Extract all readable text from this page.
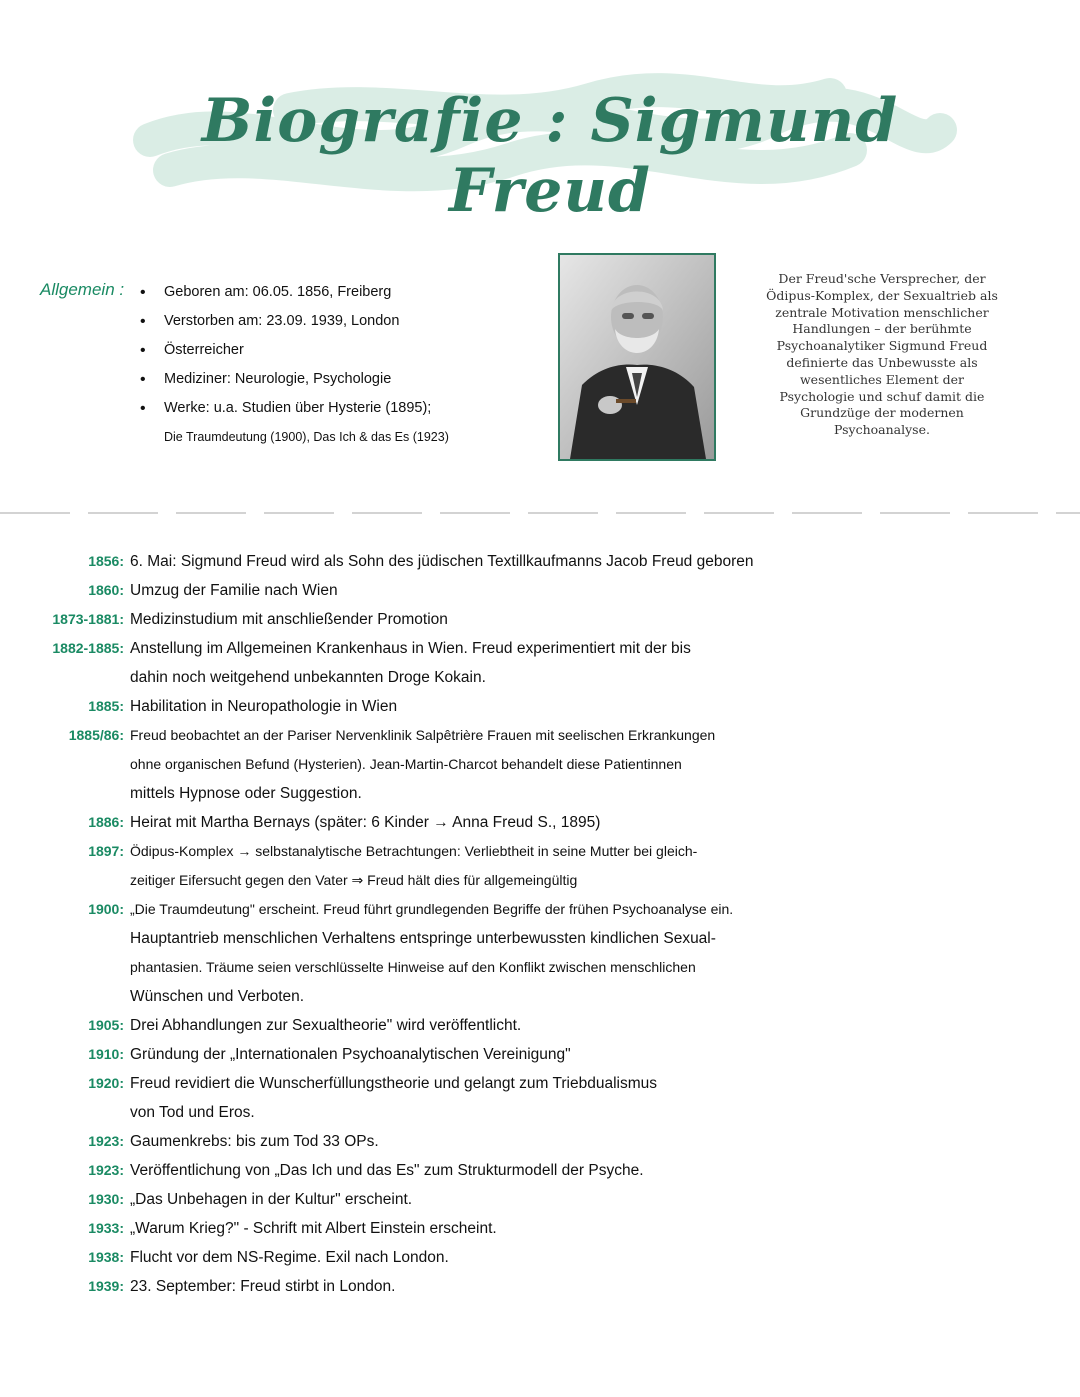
Biografie : Sigmund Freud
Allgemein : • Geboren am: 06.05. 1856, Freiberg
• Verstorben am: 23.09. 1939, London
• Österreicher
• Mediziner: Neurologie, Psychologie
• Werke: u.a. Studien über Hysterie (1895);
Die Traumdeutung (1900), Das Ich & das Es (1923)
Der Freud'sche Versprecher, der Ödipus-Komplex, der Sexualtrieb als zentrale Motivation menschlicher Handlungen – der berühmte Psychoanalytiker Sigmund Freud definierte das Unbewusste als wesentliches Element der Psychologie und schuf damit die Grundzüge der modernen Psychoanalyse.
1856: 6. Mai: Sigmund Freud wird als Sohn des jüdischen Textillkaufmanns Jacob Freud geboren
1860: Umzug der Familie nach Wien
1873-1881: Medizinstudium mit anschließender Promotion
1882-1885: Anstellung im Allgemeinen Krankenhaus in Wien. Freud experimentiert mit der bis
dahin noch weitgehend unbekannten Droge Kokain.
1885: Habilitation in Neuropathologie in Wien
1885/86: Freud beobachtet an der Pariser Nervenklinik Salpêtrière Frauen mit seelischen Erkrankungen
ohne organischen Befund (Hysterien). Jean-Martin-Charcot behandelt diese Patientinnen
mittels Hypnose oder Suggestion.
1886: Heirat mit Martha Bernays (später: 6 Kinder → Anna Freud S., 1895)
1897: Ödipus-Komplex → selbstanalytische Betrachtungen: Verliebtheit in seine Mutter bei gleich-
zeitiger Eifersucht gegen den Vater ⇒ Freud hält dies für allgemeingültig
1900: „Die Traumdeutung" erscheint. Freud führt grundlegenden Begriffe der frühen Psychoanalyse ein.
Hauptantrieb menschlichen Verhaltens entspringe unterbewussten kindlichen Sexual-
phantasien. Träume seien verschlüsselte Hinweise auf den Konflikt zwischen menschlichen
Wünschen und Verboten.
1905: Drei Abhandlungen zur Sexualtheorie" wird veröffentlicht.
1910: Gründung der „Internationalen Psychoanalytischen Vereinigung"
1920: Freud revidiert die Wunscherfüllungstheorie und gelangt zum Triebdualismus
von Tod und Eros.
1923: Gaumenkrebs: bis zum Tod 33 OPs.
1923: Veröffentlichung von „Das Ich und das Es" zum Strukturmodell der Psyche.
1930: „Das Unbehagen in der Kultur" erscheint.
1933: „Warum Krieg?" - Schrift mit Albert Einstein erscheint.
1938: Flucht vor dem NS-Regime. Exil nach London.
1939: 23. September: Freud stirbt in London.
